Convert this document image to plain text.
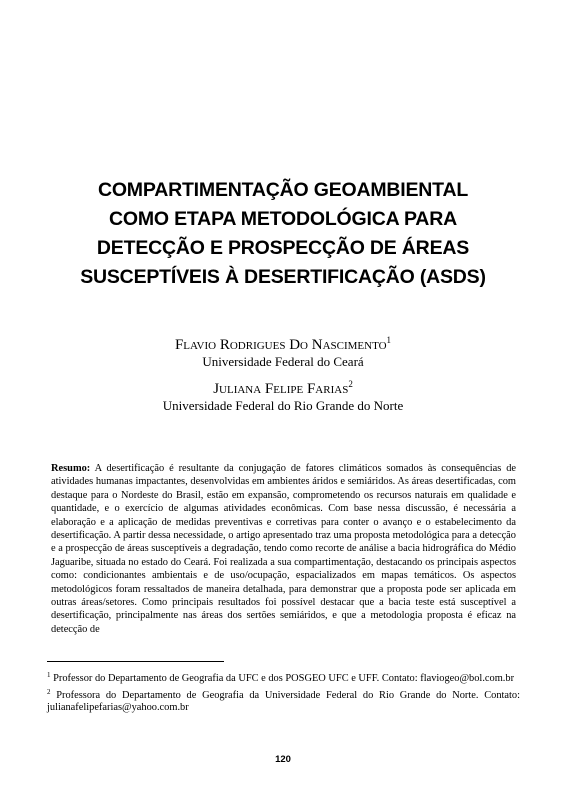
COMPARTIMENTAÇÃO GEOAMBIENTAL
COMO ETAPA METODOLÓGICA PARA
DETECÇÃO E PROSPECÇÃO DE ÁREAS
SUSCEPTÍVEIS À DESERTIFICAÇÃO (ASDS)
Flavio Rodrigues Do Nascimento$^1$
Universidade Federal do Ceará
Juliana Felipe Farias$^2$
Universidade Federal do Rio Grande do Norte
Resumo: A desertificação é resultante da conjugação de fatores climáticos somados às consequências de atividades humanas impactantes, desenvolvidas em ambientes áridos e semiáridos. As áreas desertificadas, com destaque para o Nordeste do Brasil, estão em expansão, comprometendo os recursos naturais em qualidade e quantidade, e o exercício de algumas atividades econômicas. Com base nessa discussão, é necessária a elaboração e a aplicação de medidas preventivas e corretivas para conter o avanço e o estabelecimento da desertificação. A partir dessa necessidade, o artigo apresentado traz uma proposta metodológica para a detecção e a prospecção de áreas susceptíveis a degradação, tendo como recorte de análise a bacia hidrográfica do Médio Jaguaribe, situada no estado do Ceará. Foi realizada a sua compartimentação, destacando os principais aspectos como: condicionantes ambientais e de uso/ocupação, espacializados em mapas temáticos. Os aspectos metodológicos foram ressaltados de maneira detalhada, para demonstrar que a proposta pode ser aplicada em outras áreas/setores. Como principais resultados foi possível destacar que a bacia teste está susceptível a desertificação, principalmente nas áreas dos sertões semiáridos, e que a metodologia proposta é eficaz na detecção de

$^1$ Professor do Departamento de Geografia da UFC e dos POSGEO UFC e UFF. Contato: flaviogeo@bol.com.br

$^2$ Professora do Departamento de Geografia da Universidade Federal do Rio Grande do Norte. Contato: julianafelipefarias@yahoo.com.br

120
